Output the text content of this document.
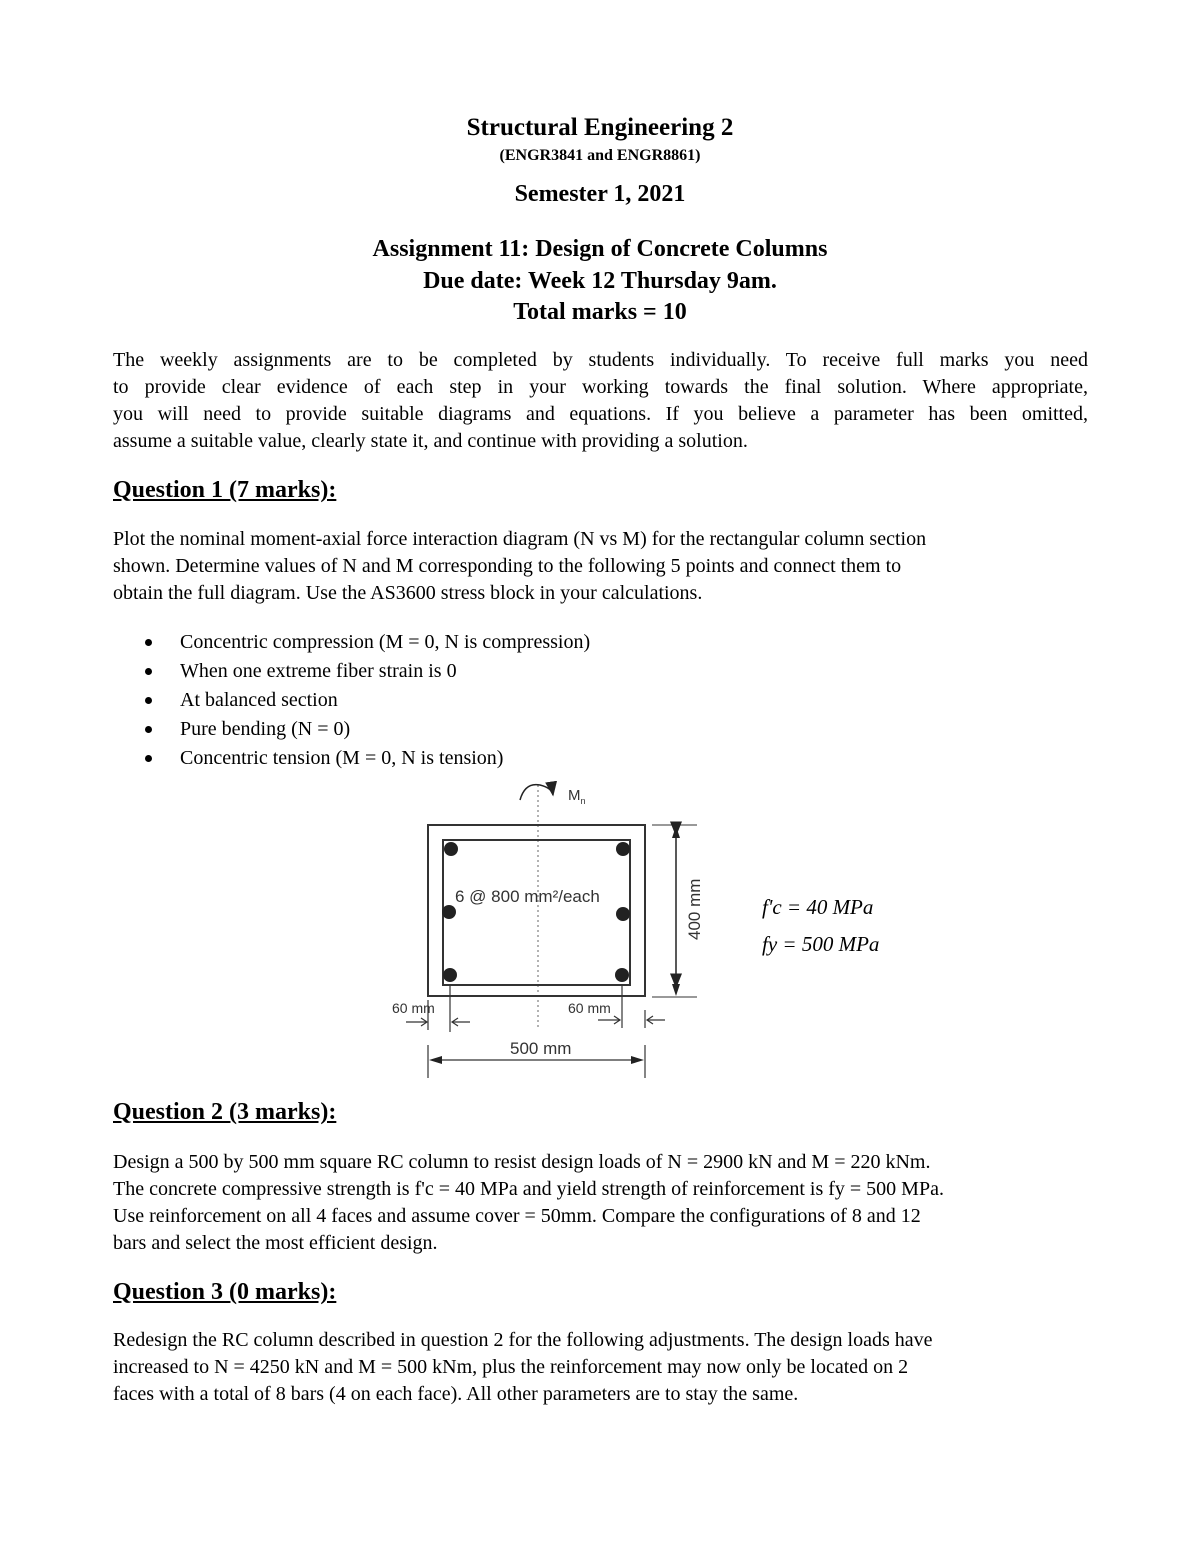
Structural Engineering 2
(ENGR3841 and ENGR8861)
Semester 1, 2021
Assignment 11: Design of Concrete Columns
Due date: Week 12 Thursday 9am.
Total marks = 10
The weekly assignments are to be completed by students individually. To receive full marks you need
to provide clear evidence of each step in your working towards the final solution. Where appropriate,
you will need to provide suitable diagrams and equations. If you believe a parameter has been omitted,
assume a suitable value, clearly state it, and continue with providing a solution.
Question 1 (7 marks):
Plot the nominal moment-axial force interaction diagram (N vs M) for the rectangular column section
shown. Determine values of N and M corresponding to the following 5 points and connect them to
obtain the full diagram. Use the AS3600 stress block in your calculations.
Concentric compression (M = 0, N is compression)
When one extreme fiber strain is 0
At balanced section
Pure bending (N = 0)
Concentric tension (M = 0, N is tension)
$M_n$
6 @ 800 mm²/each	400 mm
60 mm	60 mm
500 mm
f'c = 40 MPa
fy = 500 MPa
Question 2 (3 marks):
Design a 500 by 500 mm square RC column to resist design loads of N = 2900 kN and M = 220 kNm.
The concrete compressive strength is f'c = 40 MPa and yield strength of reinforcement is fy = 500 MPa.
Use reinforcement on all 4 faces and assume cover = 50mm. Compare the configurations of 8 and 12
bars and select the most efficient design.
Question 3 (0 marks):
Redesign the RC column described in question 2 for the following adjustments. The design loads have
increased to N = 4250 kN and M = 500 kNm, plus the reinforcement may now only be located on 2
faces with a total of 8 bars (4 on each face). All other parameters are to stay the same.
